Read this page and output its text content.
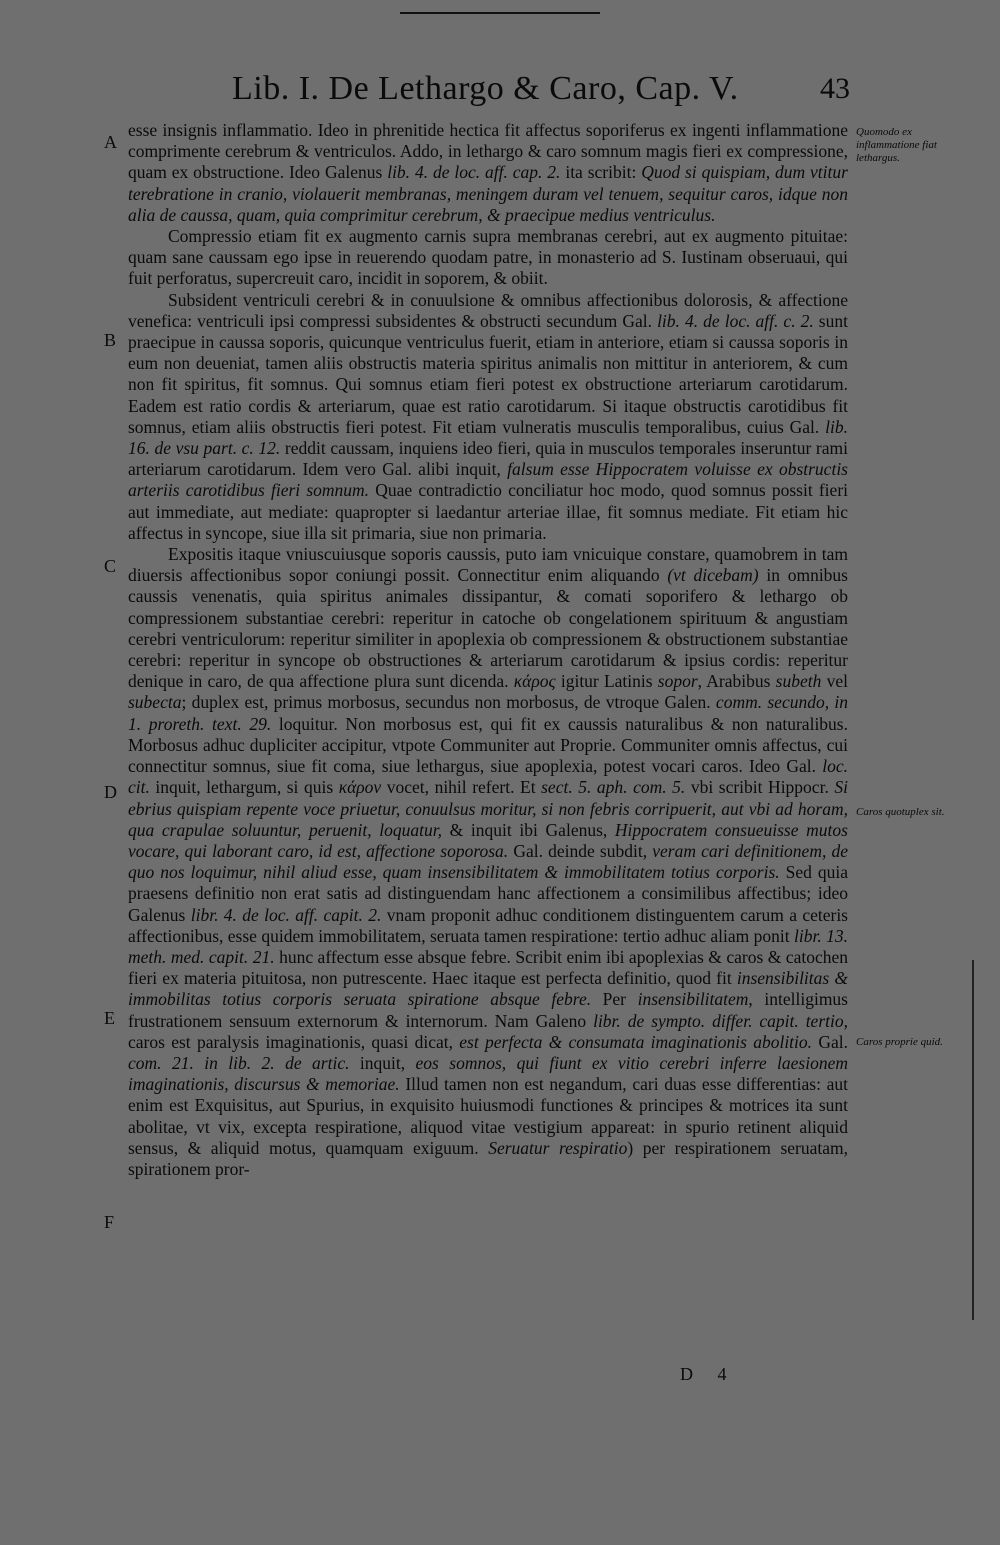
Lib. I. De Lethargo & Caro, Cap. V.	43
A
B
C
D
E
F
Quomodo ex inflammatione fiat lethargus.
Caros quotuplex sit.
Caros proprie quid.

esse insignis inflammatio. Ideo in phrenitide hectica fit affectus soporiferus ex ingenti inflammatione comprimente cerebrum & ventriculos. Addo, in lethargo & caro somnum magis fieri ex compressione, quam ex obstructione. Ideo Galenus lib. 4. de loc. aff. cap. 2. ita scribit: Quod si quispiam, dum vtitur terebratione in cranio, violauerit membranas, meningem duram vel tenuem, sequitur caros, idque non alia de caussa, quam, quia comprimitur cerebrum, & praecipue medius ventriculus.

Compressio etiam fit ex augmento carnis supra membranas cerebri, aut ex augmento pituitae: quam sane caussam ego ipse in reuerendo quodam patre, in monasterio ad S. Iustinam obseruaui, qui fuit perforatus, supercreuit caro, incidit in soporem, & obiit.

Subsident ventriculi cerebri & in conuulsione & omnibus affectionibus dolorosis, & affectione venefica: ventriculi ipsi compressi subsidentes & obstructi secundum Gal. lib. 4. de loc. aff. c. 2. sunt praecipue in caussa soporis, quicunque ventriculus fuerit, etiam in anteriore, etiam si caussa soporis in eum non deueniat, tamen aliis obstructis materia spiritus animalis non mittitur in anteriorem, & cum non fit spiritus, fit somnus. Qui somnus etiam fieri potest ex obstructione arteriarum carotidarum. Eadem est ratio cordis & arteriarum, quae est ratio carotidarum. Si itaque obstructis carotidibus fit somnus, etiam aliis obstructis fieri potest. Fit etiam vulneratis musculis temporalibus, cuius Gal. lib. 16. de vsu part. c. 12. reddit caussam, inquiens ideo fieri, quia in musculos temporales inseruntur rami arteriarum carotidarum. Idem vero Gal. alibi inquit, falsum esse Hippocratem voluisse ex obstructis arteriis carotidibus fieri somnum. Quae contradictio conciliatur hoc modo, quod somnus possit fieri aut immediate, aut mediate: quapropter si laedantur arteriae illae, fit somnus mediate. Fit etiam hic affectus in syncope, siue illa sit primaria, siue non primaria.

Expositis itaque vniuscuiusque soporis caussis, puto iam vnicuique constare, quamobrem in tam diuersis affectionibus sopor coniungi possit. Connectitur enim aliquando (vt dicebam) in omnibus caussis venenatis, quia spiritus animales dissipantur, & comati soporifero & lethargo ob compressionem substantiae cerebri: reperitur in catoche ob congelationem spirituum & angustiam cerebri ventriculorum: reperitur similiter in apoplexia ob compressionem & obstructionem substantiae cerebri: reperitur in syncope ob obstructiones & arteriarum carotidarum & ipsius cordis: reperitur denique in caro, de qua affectione plura sunt dicenda. κάρος igitur Latinis sopor, Arabibus subeth vel subecta; duplex est, primus morbosus, secundus non morbosus, de vtroque Galen. comm. secundo, in 1. proreth. text. 29. loquitur. Non morbosus est, qui fit ex caussis naturalibus & non naturalibus. Morbosus adhuc dupliciter accipitur, vtpote Communiter aut Proprie. Communiter omnis affectus, cui connectitur somnus, siue fit coma, siue lethargus, siue apoplexia, potest vocari caros. Ideo Gal. loc. cit. inquit, lethargum, si quis κάρον vocet, nihil refert. Et sect. 5. aph. com. 5. vbi scribit Hippocr. Si ebrius quispiam repente voce priuetur, conuulsus moritur, si non febris corripuerit, aut vbi ad horam, qua crapulae soluuntur, peruenit, loquatur, & inquit ibi Galenus, Hippocratem consueuisse mutos vocare, qui laborant caro, id est, affectione soporosa. Gal. deinde subdit, veram cari definitionem, de quo nos loquimur, nihil aliud esse, quam insensibilitatem & immobilitatem totius corporis. Sed quia praesens definitio non erat satis ad distinguendam hanc affectionem a consimilibus affectibus; ideo Galenus libr. 4. de loc. aff. capit. 2. vnam proponit adhuc conditionem distinguentem carum a ceteris affectionibus, esse quidem immobilitatem, seruata tamen respiratione: tertio adhuc aliam ponit libr. 13. meth. med. capit. 21. hunc affectum esse absque febre. Scribit enim ibi apoplexias & caros & catochen fieri ex materia pituitosa, non putrescente. Haec itaque est perfecta definitio, quod fit insensibilitas & immobilitas totius corporis seruata spiratione absque febre. Per insensibilitatem, intelligimus frustrationem sensuum externorum & internorum. Nam Galeno libr. de sympto. differ. capit. tertio, caros est paralysis imaginationis, quasi dicat, est perfecta & consumata imaginationis abolitio. Gal. com. 21. in lib. 2. de artic. inquit, eos somnos, qui fiunt ex vitio cerebri inferre laesionem imaginationis, discursus & memoriae. Illud tamen non est negandum, cari duas esse differentias: aut enim est Exquisitus, aut Spurius, in exquisito huiusmodi functiones & principes & motrices ita sunt abolitae, vt vix, excepta respiratione, aliquod vitae vestigium appareat: in spurio retinent aliquid sensus, & aliquid motus, quamquam exiguum. Seruatur respiratio) per respirationem seruatam, spirationem pror-

D 4
